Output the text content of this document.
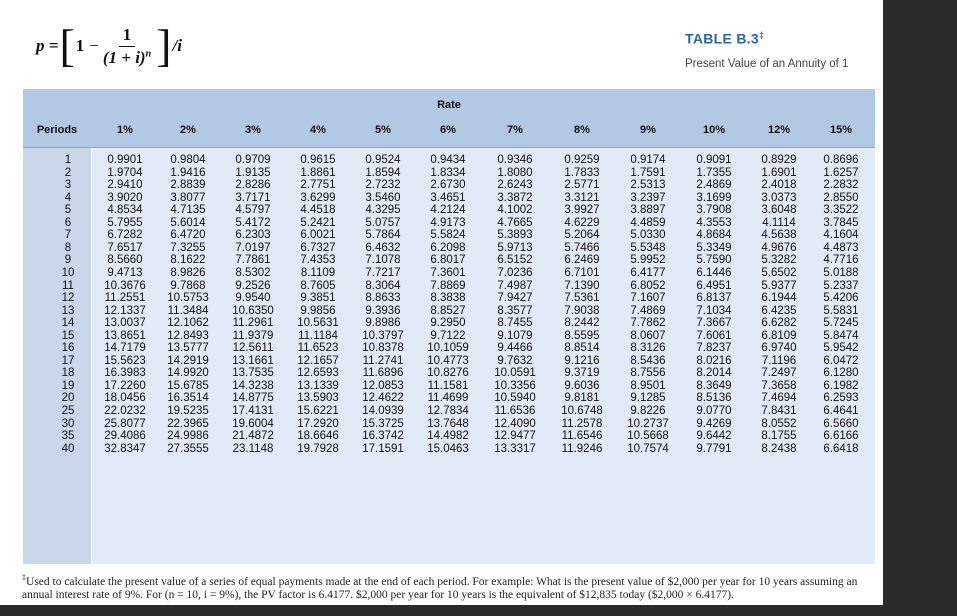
p = [ $1 - \frac{1}{(1 + i)^n}$ ] /i	TABLE B.3‡
Present Value of an Annuity of 1
Rate
Periods	1%	2%	3%	4%	5%	6%	7%	8%	9%	10%	12%	15%
1	0.9901	0.9804	0.9709	0.9615	0.9524	0.9434	0.9346	0.9259	0.9174	0.9091	0.8929	0.8696
2	1.9704	1.9416	1.9135	1.8861	1.8594	1.8334	1.8080	1.7833	1.7591	1.7355	1.6901	1.6257
3	2.9410	2.8839	2.8286	2.7751	2.7232	2.6730	2.6243	2.5771	2.5313	2.4869	2.4018	2.2832
4	3.9020	3.8077	3.7171	3.6299	3.5460	3.4651	3.3872	3.3121	3.2397	3.1699	3.0373	2.8550
5	4.8534	4.7135	4.5797	4.4518	4.3295	4.2124	4.1002	3.9927	3.8897	3.7908	3.6048	3.3522
6	5.7955	5.6014	5.4172	5.2421	5.0757	4.9173	4.7665	4.6229	4.4859	4.3553	4.1114	3.7845
7	6.7282	6.4720	6.2303	6.0021	5.7864	5.5824	5.3893	5.2064	5.0330	4.8684	4.5638	4.1604
8	7.6517	7.3255	7.0197	6.7327	6.4632	6.2098	5.9713	5.7466	5.5348	5.3349	4.9676	4.4873
9	8.5660	8.1622	7.7861	7.4353	7.1078	6.8017	6.5152	6.2469	5.9952	5.7590	5.3282	4.7716
10	9.4713	8.9826	8.5302	8.1109	7.7217	7.3601	7.0236	6.7101	6.4177	6.1446	5.6502	5.0188
11	10.3676	9.7868	9.2526	8.7605	8.3064	7.8869	7.4987	7.1390	6.8052	6.4951	5.9377	5.2337
12	11.2551	10.5753	9.9540	9.3851	8.8633	8.3838	7.9427	7.5361	7.1607	6.8137	6.1944	5.4206
13	12.1337	11.3484	10.6350	9.9856	9.3936	8.8527	8.3577	7.9038	7.4869	7.1034	6.4235	5.5831
14	13.0037	12.1062	11.2961	10.5631	9.8986	9.2950	8.7455	8.2442	7.7862	7.3667	6.6282	5.7245
15	13.8651	12.8493	11.9379	11.1184	10.3797	9.7122	9.1079	8.5595	8.0607	7.6061	6.8109	5.8474
16	14.7179	13.5777	12.5611	11.6523	10.8378	10.1059	9.4466	8.8514	8.3126	7.8237	6.9740	5.9542
17	15.5623	14.2919	13.1661	12.1657	11.2741	10.4773	9.7632	9.1216	8.5436	8.0216	7.1196	6.0472
18	16.3983	14.9920	13.7535	12.6593	11.6896	10.8276	10.0591	9.3719	8.7556	8.2014	7.2497	6.1280
19	17.2260	15.6785	14.3238	13.1339	12.0853	11.1581	10.3356	9.6036	8.9501	8.3649	7.3658	6.1982
20	18.0456	16.3514	14.8775	13.5903	12.4622	11.4699	10.5940	9.8181	9.1285	8.5136	7.4694	6.2593
25	22.0232	19.5235	17.4131	15.6221	14.0939	12.7834	11.6536	10.6748	9.8226	9.0770	7.8431	6.4641
30	25.8077	22.3965	19.6004	17.2920	15.3725	13.7648	12.4090	11.2578	10.2737	9.4269	8.0552	6.5660
35	29.4086	24.9986	21.4872	18.6646	16.3742	14.4982	12.9477	11.6546	10.5668	9.6442	8.1755	6.6166
40	32.8347	27.3555	23.1148	19.7928	17.1591	15.0463	13.3317	11.9246	10.7574	9.7791	8.2438	6.6418
‡Used to calculate the present value of a series of equal payments made at the end of each period. For example: What is the present value of $2,000 per year for 10 years assuming an annual interest rate of 9%. For (n = 10, i = 9%), the PV factor is 6.4177. $2,000 per year for 10 years is the equivalent of $12,835 today ($2,000 × 6.4177).
